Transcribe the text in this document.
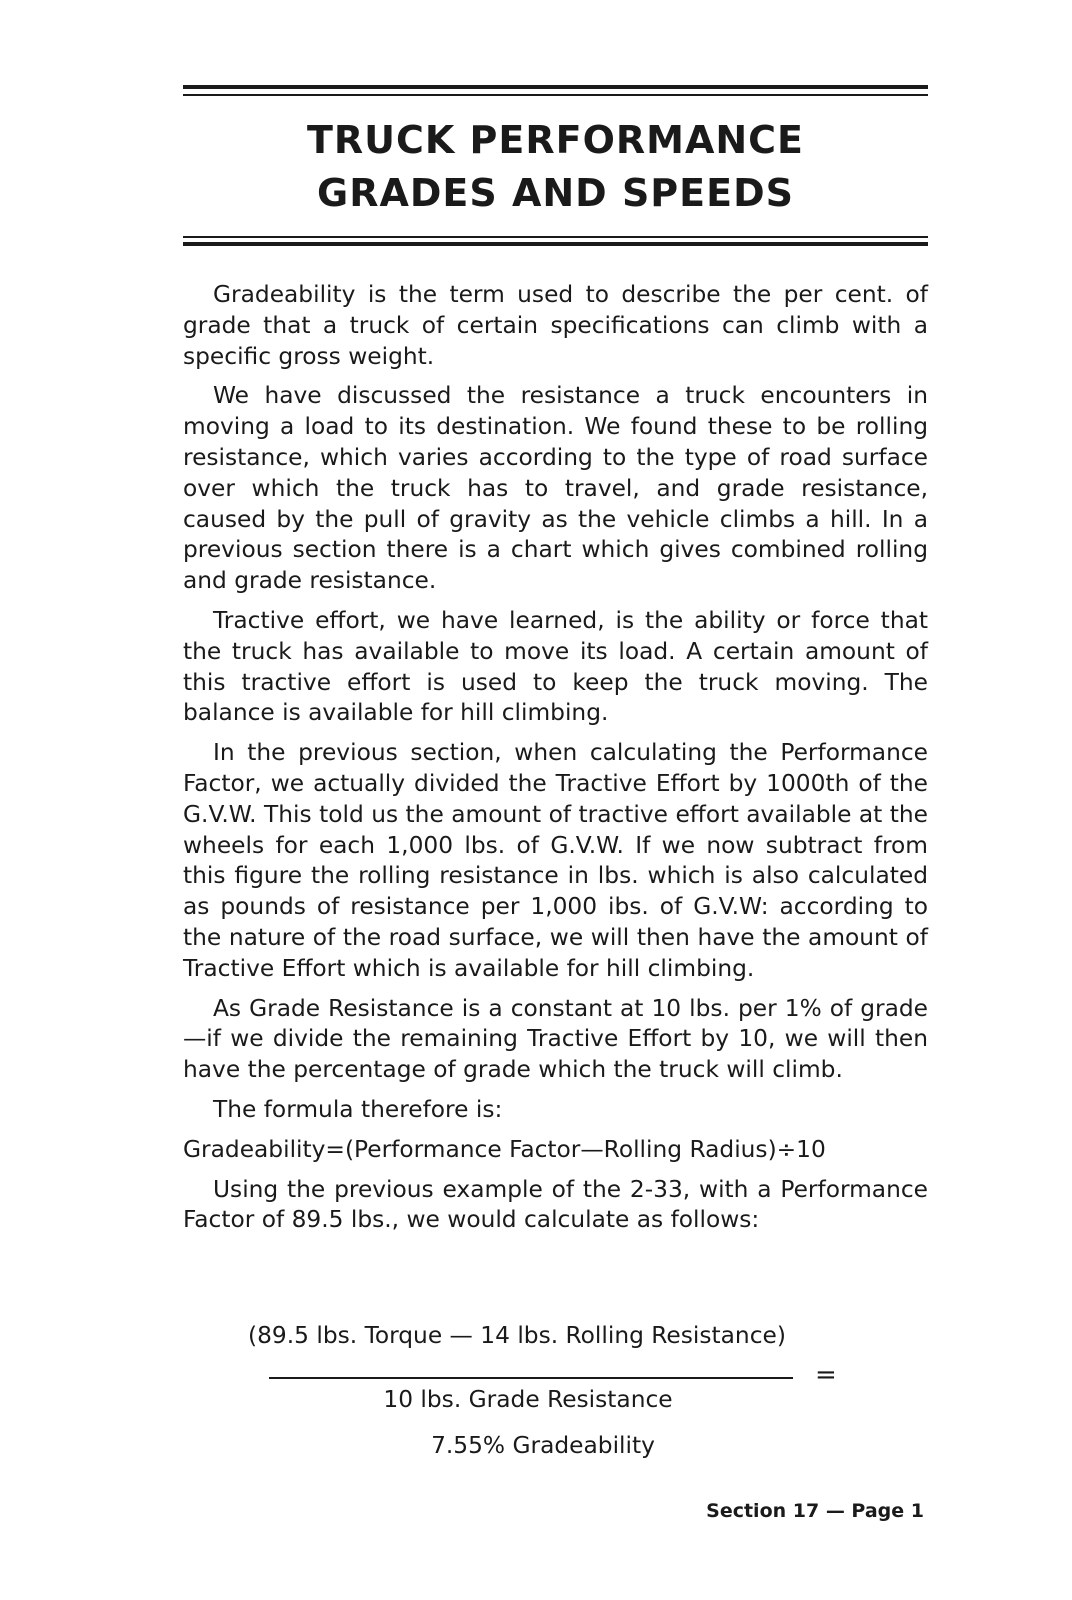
TRUCK PERFORMANCE
GRADES AND SPEEDS

Gradeability is the term used to describe the per cent. of grade that a truck of certain specifications can climb with a specific gross weight.

We have discussed the resistance a truck encounters in moving a load to its destination. We found these to be rolling resistance, which varies according to the type of road surface over which the truck has to travel, and grade resistance, caused by the pull of gravity as the vehicle climbs a hill. In a previous section there is a chart which gives combined rolling and grade resistance.

Tractive effort, we have learned, is the ability or force that the truck has available to move its load. A certain amount of this tractive effort is used to keep the truck moving. The balance is available for hill climbing.

In the previous section, when calculating the Performance Factor, we actually divided the Tractive Effort by 1000th of the G.V.W. This told us the amount of tractive effort available at the wheels for each 1,000 lbs. of G.V.W. If we now subtract from this figure the rolling resistance in lbs. which is also calculated as pounds of resistance per 1,000 ibs. of G.V.W: according to the nature of the road surface, we will then have the amount of Tractive Effort which is available for hill climbing.

As Grade Resistance is a constant at 10 lbs. per 1% of grade—if we divide the remaining Tractive Effort by 10, we will then have the percentage of grade which the truck will climb.

The formula therefore is:

Gradeability=(Performance Factor—Rolling Radius)÷10

Using the previous example of the 2-33, with a Performance Factor of 89.5 lbs., we would calculate as follows:

(89.5 lbs. Torque — 14 lbs. Rolling Resistance)
=
10 lbs. Grade Resistance
7.55% Gradeability
Section 17 — Page 1
